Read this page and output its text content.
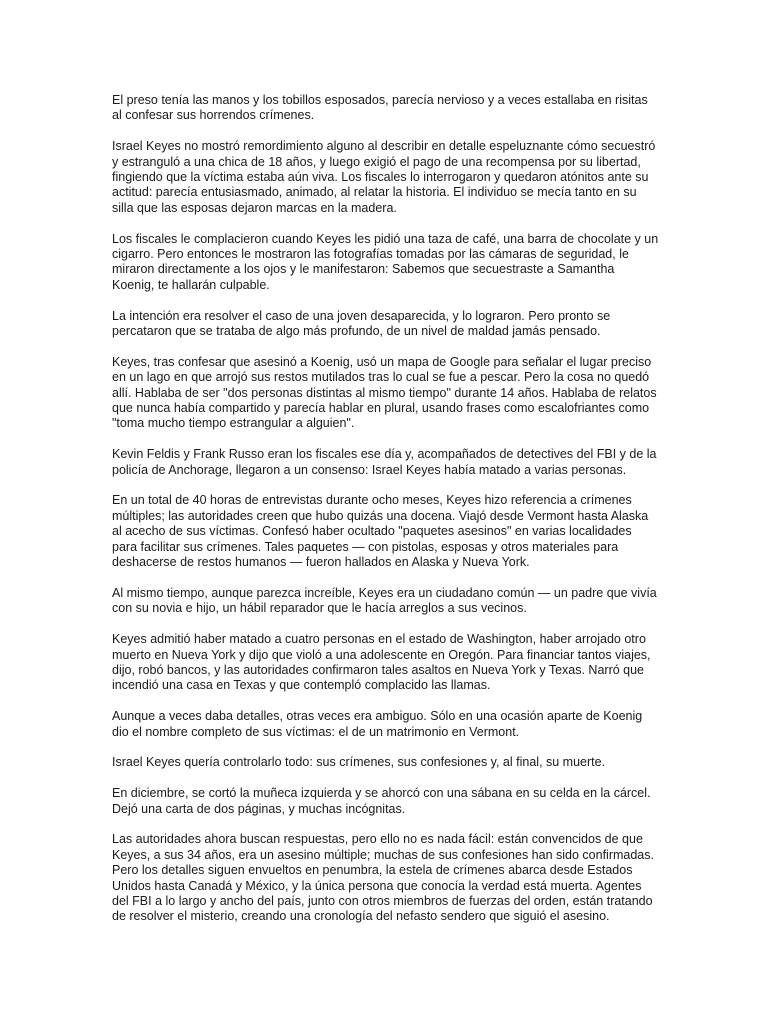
El preso tenía las manos y los tobillos esposados, parecía nervioso y a veces estallaba en risitas al confesar sus horrendos crímenes.

Israel Keyes no mostró remordimiento alguno al describir en detalle espeluznante cómo secuestró y estranguló a una chica de 18 años, y luego exigió el pago de una recompensa por su libertad, fingiendo que la víctima estaba aún viva. Los fiscales lo interrogaron y quedaron atónitos ante su actitud: parecía entusiasmado, animado, al relatar la historia. El individuo se mecía tanto en su silla que las esposas dejaron marcas en la madera.

Los fiscales le complacieron cuando Keyes les pidió una taza de café, una barra de chocolate y un cigarro. Pero entonces le mostraron las fotografías tomadas por las cámaras de seguridad, le miraron directamente a los ojos y le manifestaron: Sabemos que secuestraste a Samantha Koenig, te hallarán culpable.

La intención era resolver el caso de una joven desaparecida, y lo lograron. Pero pronto se percataron que se trataba de algo más profundo, de un nivel de maldad jamás pensado.

Keyes, tras confesar que asesinó a Koenig, usó un mapa de Google para señalar el lugar preciso en un lago en que arrojó sus restos mutilados tras lo cual se fue a pescar. Pero la cosa no quedó allí. Hablaba de ser "dos personas distintas al mismo tiempo" durante 14 años. Hablaba de relatos que nunca había compartido y parecía hablar en plural, usando frases como escalofriantes como "toma mucho tiempo estrangular a alguien".

Kevin Feldis y Frank Russo eran los fiscales ese día y, acompañados de detectives del FBI y de la policía de Anchorage, llegaron a un consenso: Israel Keyes había matado a varias personas.

En un total de 40 horas de entrevistas durante ocho meses, Keyes hizo referencia a crímenes múltiples; las autoridades creen que hubo quizás una docena. Viajó desde Vermont hasta Alaska al acecho de sus víctimas. Confesó haber ocultado "paquetes asesinos" en varias localidades para facilitar sus crímenes. Tales paquetes — con pistolas, esposas y otros materiales para deshacerse de restos humanos — fueron hallados en Alaska y Nueva York.

Al mismo tiempo, aunque parezca increíble, Keyes era un ciudadano común — un padre que vivía con su novia e hijo, un hábil reparador que le hacía arreglos a sus vecinos.

Keyes admitió haber matado a cuatro personas en el estado de Washington, haber arrojado otro muerto en Nueva York y dijo que violó a una adolescente en Oregón. Para financiar tantos viajes, dijo, robó bancos, y las autoridades confirmaron tales asaltos en Nueva York y Texas. Narró que incendió una casa en Texas y que contempló complacido las llamas.

Aunque a veces daba detalles, otras veces era ambiguo. Sólo en una ocasión aparte de Koenig dio el nombre completo de sus víctimas: el de un matrimonio en Vermont.

Israel Keyes quería controlarlo todo: sus crímenes, sus confesiones y, al final, su muerte.

En diciembre, se cortó la muñeca izquierda y se ahorcó con una sábana en su celda en la cárcel. Dejó una carta de dos páginas, y muchas incógnitas.

Las autoridades ahora buscan respuestas, pero ello no es nada fácil: están convencidos de que Keyes, a sus 34 años, era un asesino múltiple; muchas de sus confesiones han sido confirmadas. Pero los detalles siguen envueltos en penumbra, la estela de crímenes abarca desde Estados Unidos hasta Canadá y México, y la única persona que conocía la verdad está muerta. Agentes del FBI a lo largo y ancho del país, junto con otros miembros de fuerzas del orden, están tratando de resolver el misterio, creando una cronología del nefasto sendero que siguió el asesino.
